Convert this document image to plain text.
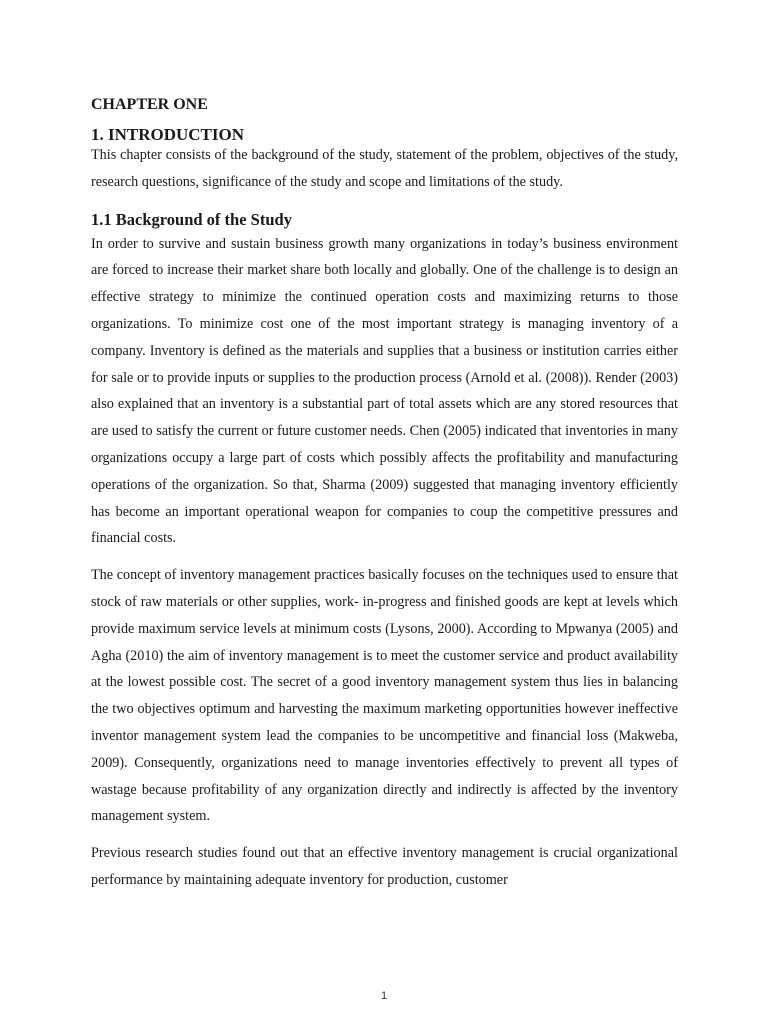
CHAPTER ONE
1. INTRODUCTION

This chapter consists of the background of the study, statement of the problem, objectives of the study, research questions, significance of the study and scope and limitations of the study.

1.1 Background of the Study

In order to survive and sustain business growth many organizations in today’s business environment are forced to increase their market share both locally and globally. One of the challenge is to design an effective strategy to minimize the continued operation costs and maximizing returns to those organizations. To minimize cost one of the most important strategy is managing inventory of a company. Inventory is defined as the materials and supplies that a business or institution carries either for sale or to provide inputs or supplies to the production process (Arnold et al. (2008)). Render (2003) also explained that an inventory is a substantial part of total assets which are any stored resources that are used to satisfy the current or future customer needs. Chen (2005) indicated that inventories in many organizations occupy a large part of costs which possibly affects the profitability and manufacturing operations of the organization. So that, Sharma (2009) suggested that managing inventory efficiently has become an important operational weapon for companies to coup the competitive pressures and financial costs.

The concept of inventory management practices basically focuses on the techniques used to ensure that stock of raw materials or other supplies, work- in-progress and finished goods are kept at levels which provide maximum service levels at minimum costs (Lysons, 2000). According to Mpwanya (2005) and Agha (2010) the aim of inventory management is to meet the customer service and product availability at the lowest possible cost. The secret of a good inventory management system thus lies in balancing the two objectives optimum and harvesting the maximum marketing opportunities however ineffective inventor management system lead the companies to be uncompetitive and financial loss (Makweba, 2009). Consequently, organizations need to manage inventories effectively to prevent all types of wastage because profitability of any organization directly and indirectly is affected by the inventory management system.

Previous research studies found out that an effective inventory management is crucial organizational performance by maintaining adequate inventory for production, customer

1
